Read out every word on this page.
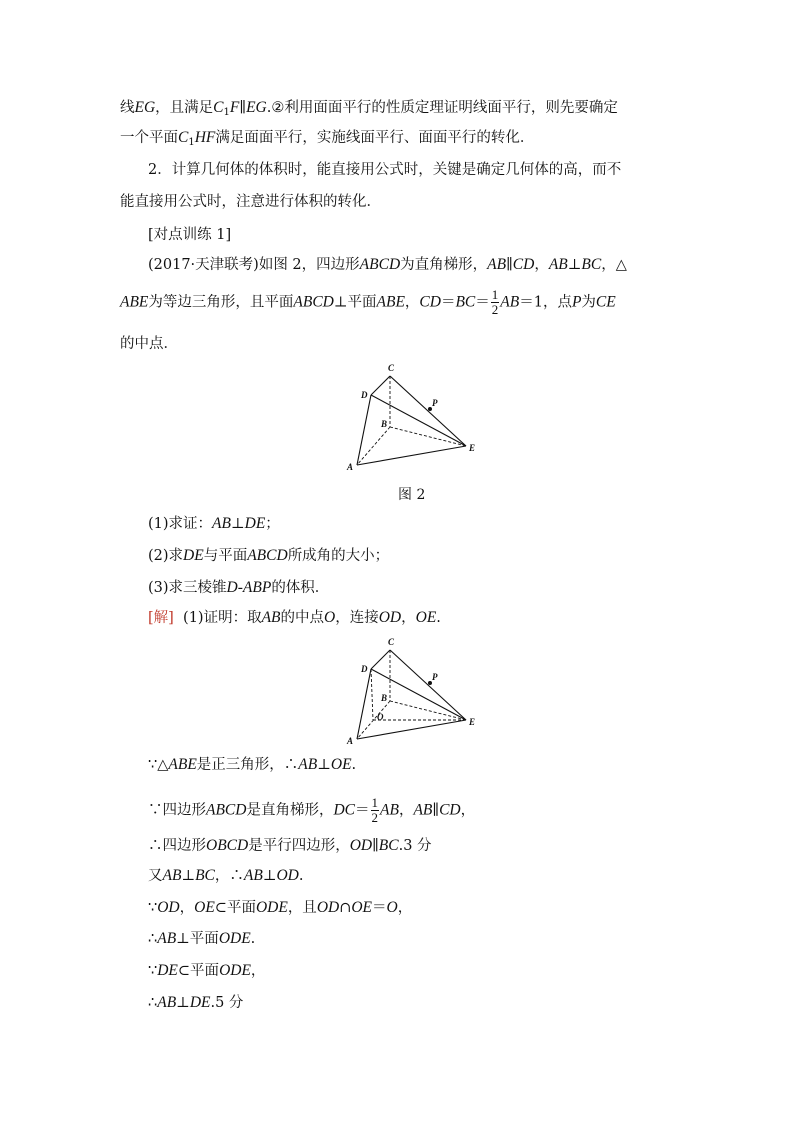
线EG，且满足$C_1F\parallel EG.②$利用面面平行的性质定理证明线面平行，则先要确定
一个平面$C_1HF$满足面面平行，实施线面平行、面面平行的转化．
2．计算几何体的体积时，能直接用公式时，关键是确定几何体的高，而不
能直接用公式时，注意进行体积的转化．
[对点训练 1]
(2017·天津联考)如图 2，四边形ABCD为直角梯形，AB∥CD，AB⊥BC，△
ABE为等边三角形，且平面ABCD⊥平面ABE，$CD=BC= \frac{1}{2} AB=1$，点P为CE
的中点．
C
D
P
B
E
A
图 2
(1)求证：AB⊥DE；
(2)求DE与平面ABCD所成角的大小；
(3)求三棱锥D-ABP的体积．
[解] (1)证明：取AB的中点O，连接OD，OE.
C
D
P
B
O	E
A
∵△ABE是正三角形，∴AB⊥OE.
∵四边形ABCD是直角梯形，$DC= \frac{1}{2}$ AB，AB∥CD，
∴四边形OBCD是平行四边形，OD∥BC.3 分
又AB⊥BC，∴AB⊥OD.
∵OD，OE⊂平面ODE，且OD∩OE＝O，
∴AB⊥平面ODE.
∵DE⊂平面ODE，
∴AB⊥DE.5 分
